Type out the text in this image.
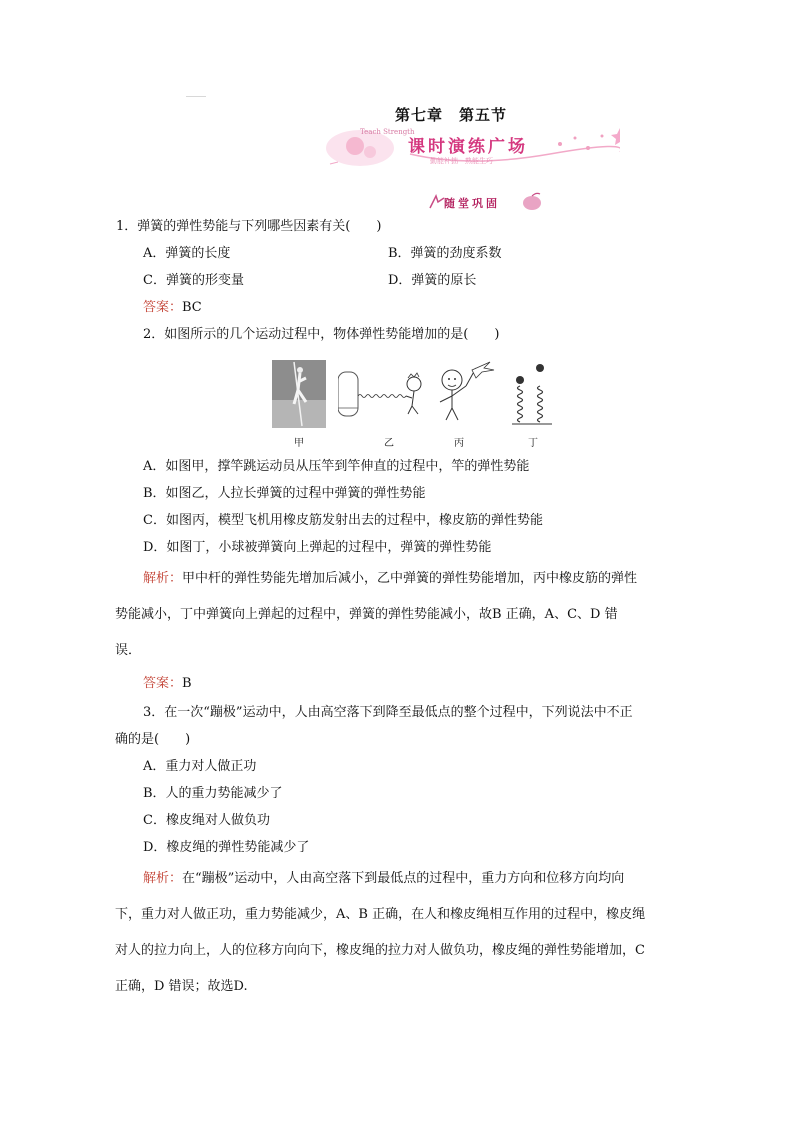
第七章　第五节
Teach Strength
课时演练广场
勤能补拙　熟能生巧
随堂巩固
1．弹簧的弹性势能与下列哪些因素有关(　　)
A．弹簧的长度	B．弹簧的劲度系数
C．弹簧的形变量	D．弹簧的原长
答案：BC
2．如图所示的几个运动过程中，物体弹性势能增加的是(　　)
甲	乙	丙	丁
A．如图甲，撑竿跳运动员从压竿到竿伸直的过程中，竿的弹性势能
B．如图乙，人拉长弹簧的过程中弹簧的弹性势能
C．如图丙，模型飞机用橡皮筋发射出去的过程中，橡皮筋的弹性势能
D．如图丁，小球被弹簧向上弹起的过程中，弹簧的弹性势能
解析：甲中杆的弹性势能先增加后减小，乙中弹簧的弹性势能增加，丙中橡皮筋的弹性
势能减小，丁中弹簧向上弹起的过程中，弹簧的弹性势能减小，故B 正确，A、C、D 错
误．
答案：B
3．在一次“蹦极”运动中，人由高空落下到降至最低点的整个过程中，下列说法中不正
确的是(　　)
A．重力对人做正功
B．人的重力势能减少了
C．橡皮绳对人做负功
D．橡皮绳的弹性势能减少了
解析：在“蹦极”运动中，人由高空落下到最低点的过程中，重力方向和位移方向均向
下，重力对人做正功，重力势能减少，A、B 正确，在人和橡皮绳相互作用的过程中，橡皮绳
对人的拉力向上，人的位移方向向下，橡皮绳的拉力对人做负功，橡皮绳的弹性势能增加，C
正确，D 错误；故选D.
